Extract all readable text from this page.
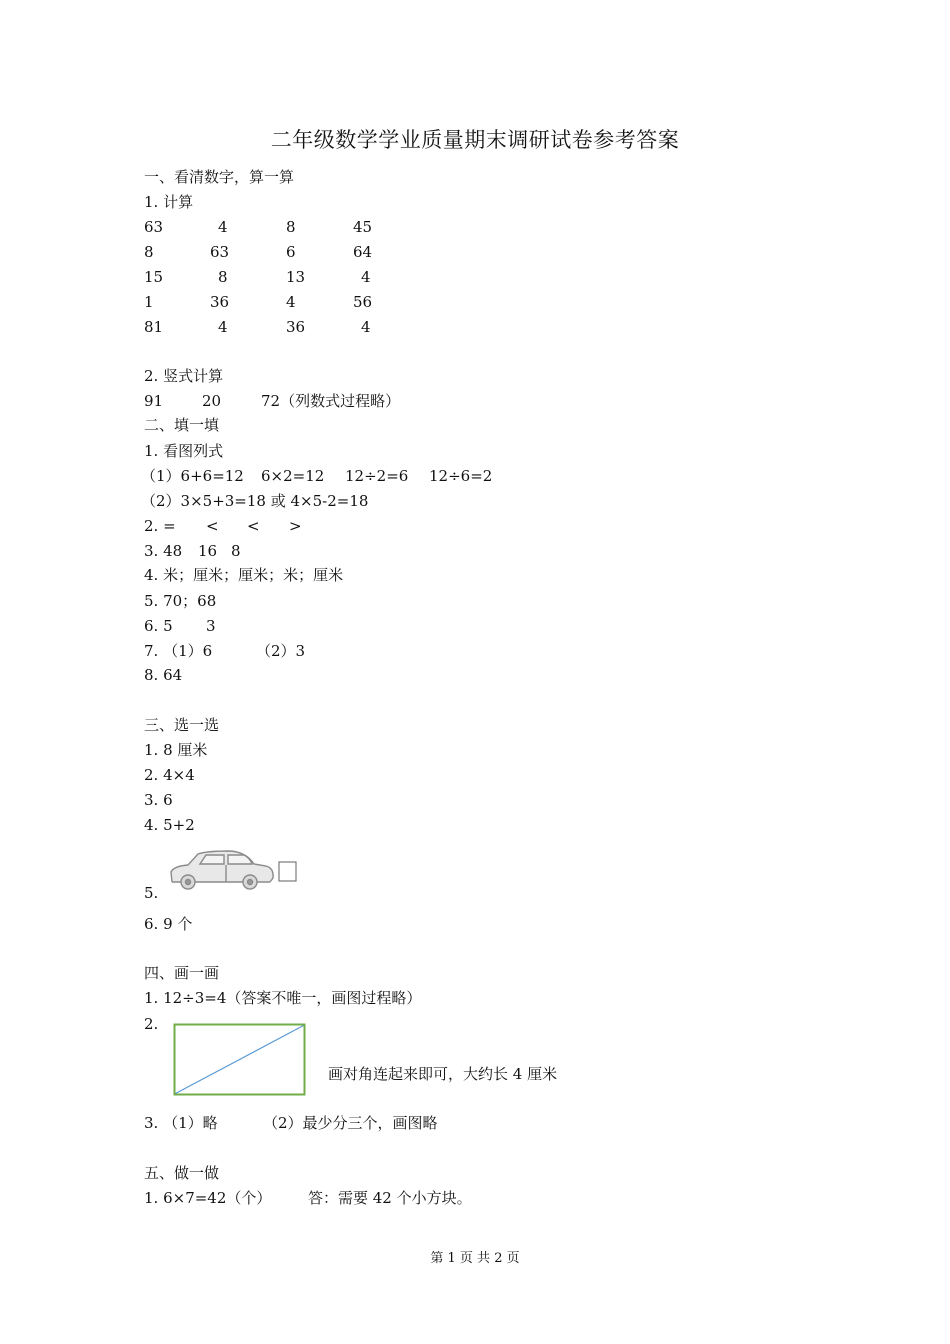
二年级数学学业质量期末调研试卷参考答案
一、看清数字，算一算
1. 计算
63	4	8	45
8	63	6	64
15	8	13	4
1	36	4	56
81	4	36	4
2. 竖式计算
91	20	72（列数式过程略）
二、填一填
1. 看图列式
（1）6+6=12 6×2=12 12÷2=6 12÷6=2
（2）3×5+3=18 或 4×5-2=18
2. = < < >
3. 48 16 8
4. 米；厘米；厘米；米；厘米
5. 70；68
6. 5 3
7. （1）6	（2）3
8. 64
三、选一选
1. 8 厘米
2. 4×4
3. 6
4. 5+2
5.
6. 9 个
四、画一画
1. 12÷3=4（答案不唯一，画图过程略）
2.
画对角连起来即可，大约长 4 厘米
3. （1）略	（2）最少分三个，画图略
五、做一做
1. 6×7=42（个） 答：需要 42 个小方块。
第 1 页 共 2 页
